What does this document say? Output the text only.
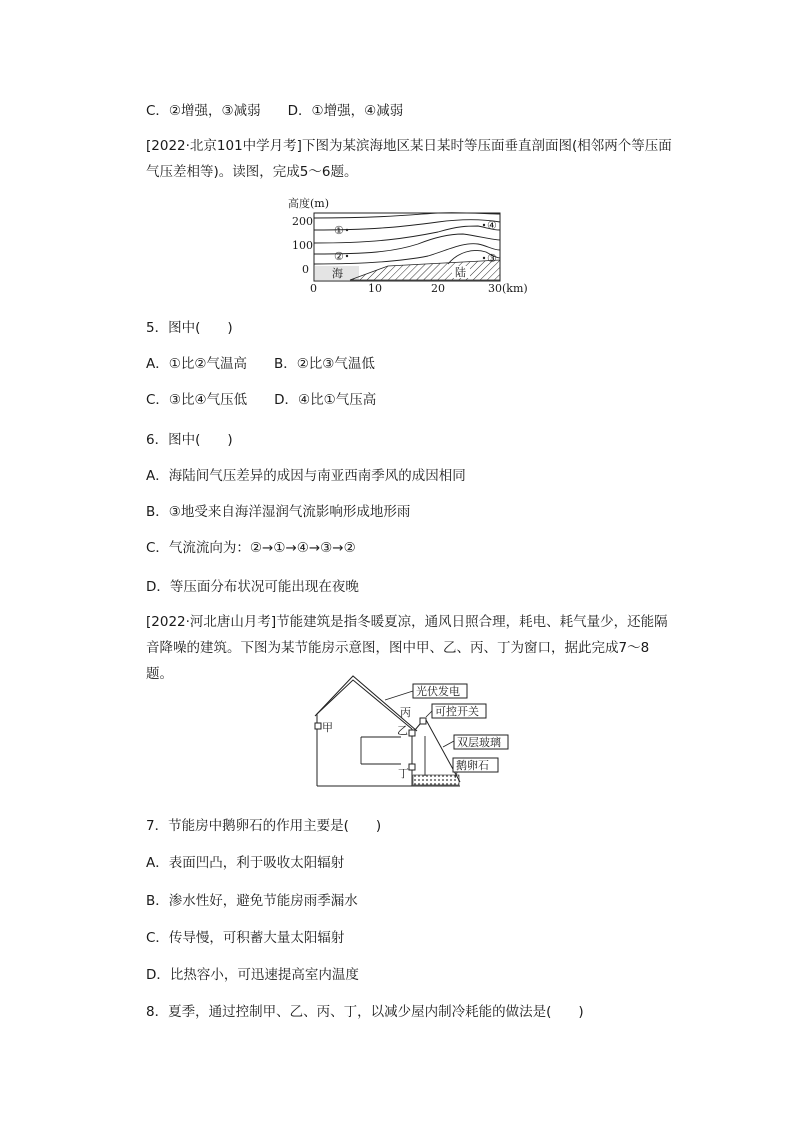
C．②增强，③减弱　　D．①增强，④减弱
[2022·北京101中学月考]下图为某滨海地区某日某时等压面垂直剖面图(相邻两个等压面气压差相等)。读图，完成5～6题。
高度(m)
200
100
0 海	陆
①
②	③
④
0	10	20	30(km)
5．图中(　　)
A．①比②气温高　　B．②比③气温低
C．③比④气压低　　D．④比①气压高
6．图中(　　)
A．海陆间气压差异的成因与南亚西南季风的成因相同
B．③地受来自海洋湿润气流影响形成地形雨
C．气流流向为：②→①→④→③→②
D．等压面分布状况可能出现在夜晚
[2022·河北唐山月考]节能建筑是指冬暖夏凉，通风日照合理，耗电、耗气量少，还能隔音降噪的建筑。下图为某节能房示意图，图中甲、乙、丙、丁为窗口，据此完成7～8题。
甲	乙
丁
丙
光伏发电
可控开关
双层玻璃
鹅卵石
7．节能房中鹅卵石的作用主要是(　　)
A．表面凹凸，利于吸收太阳辐射
B．渗水性好，避免节能房雨季漏水
C．传导慢，可积蓄大量太阳辐射
D．比热容小，可迅速提高室内温度
8．夏季，通过控制甲、乙、丙、丁，以减少屋内制冷耗能的做法是(　　)
